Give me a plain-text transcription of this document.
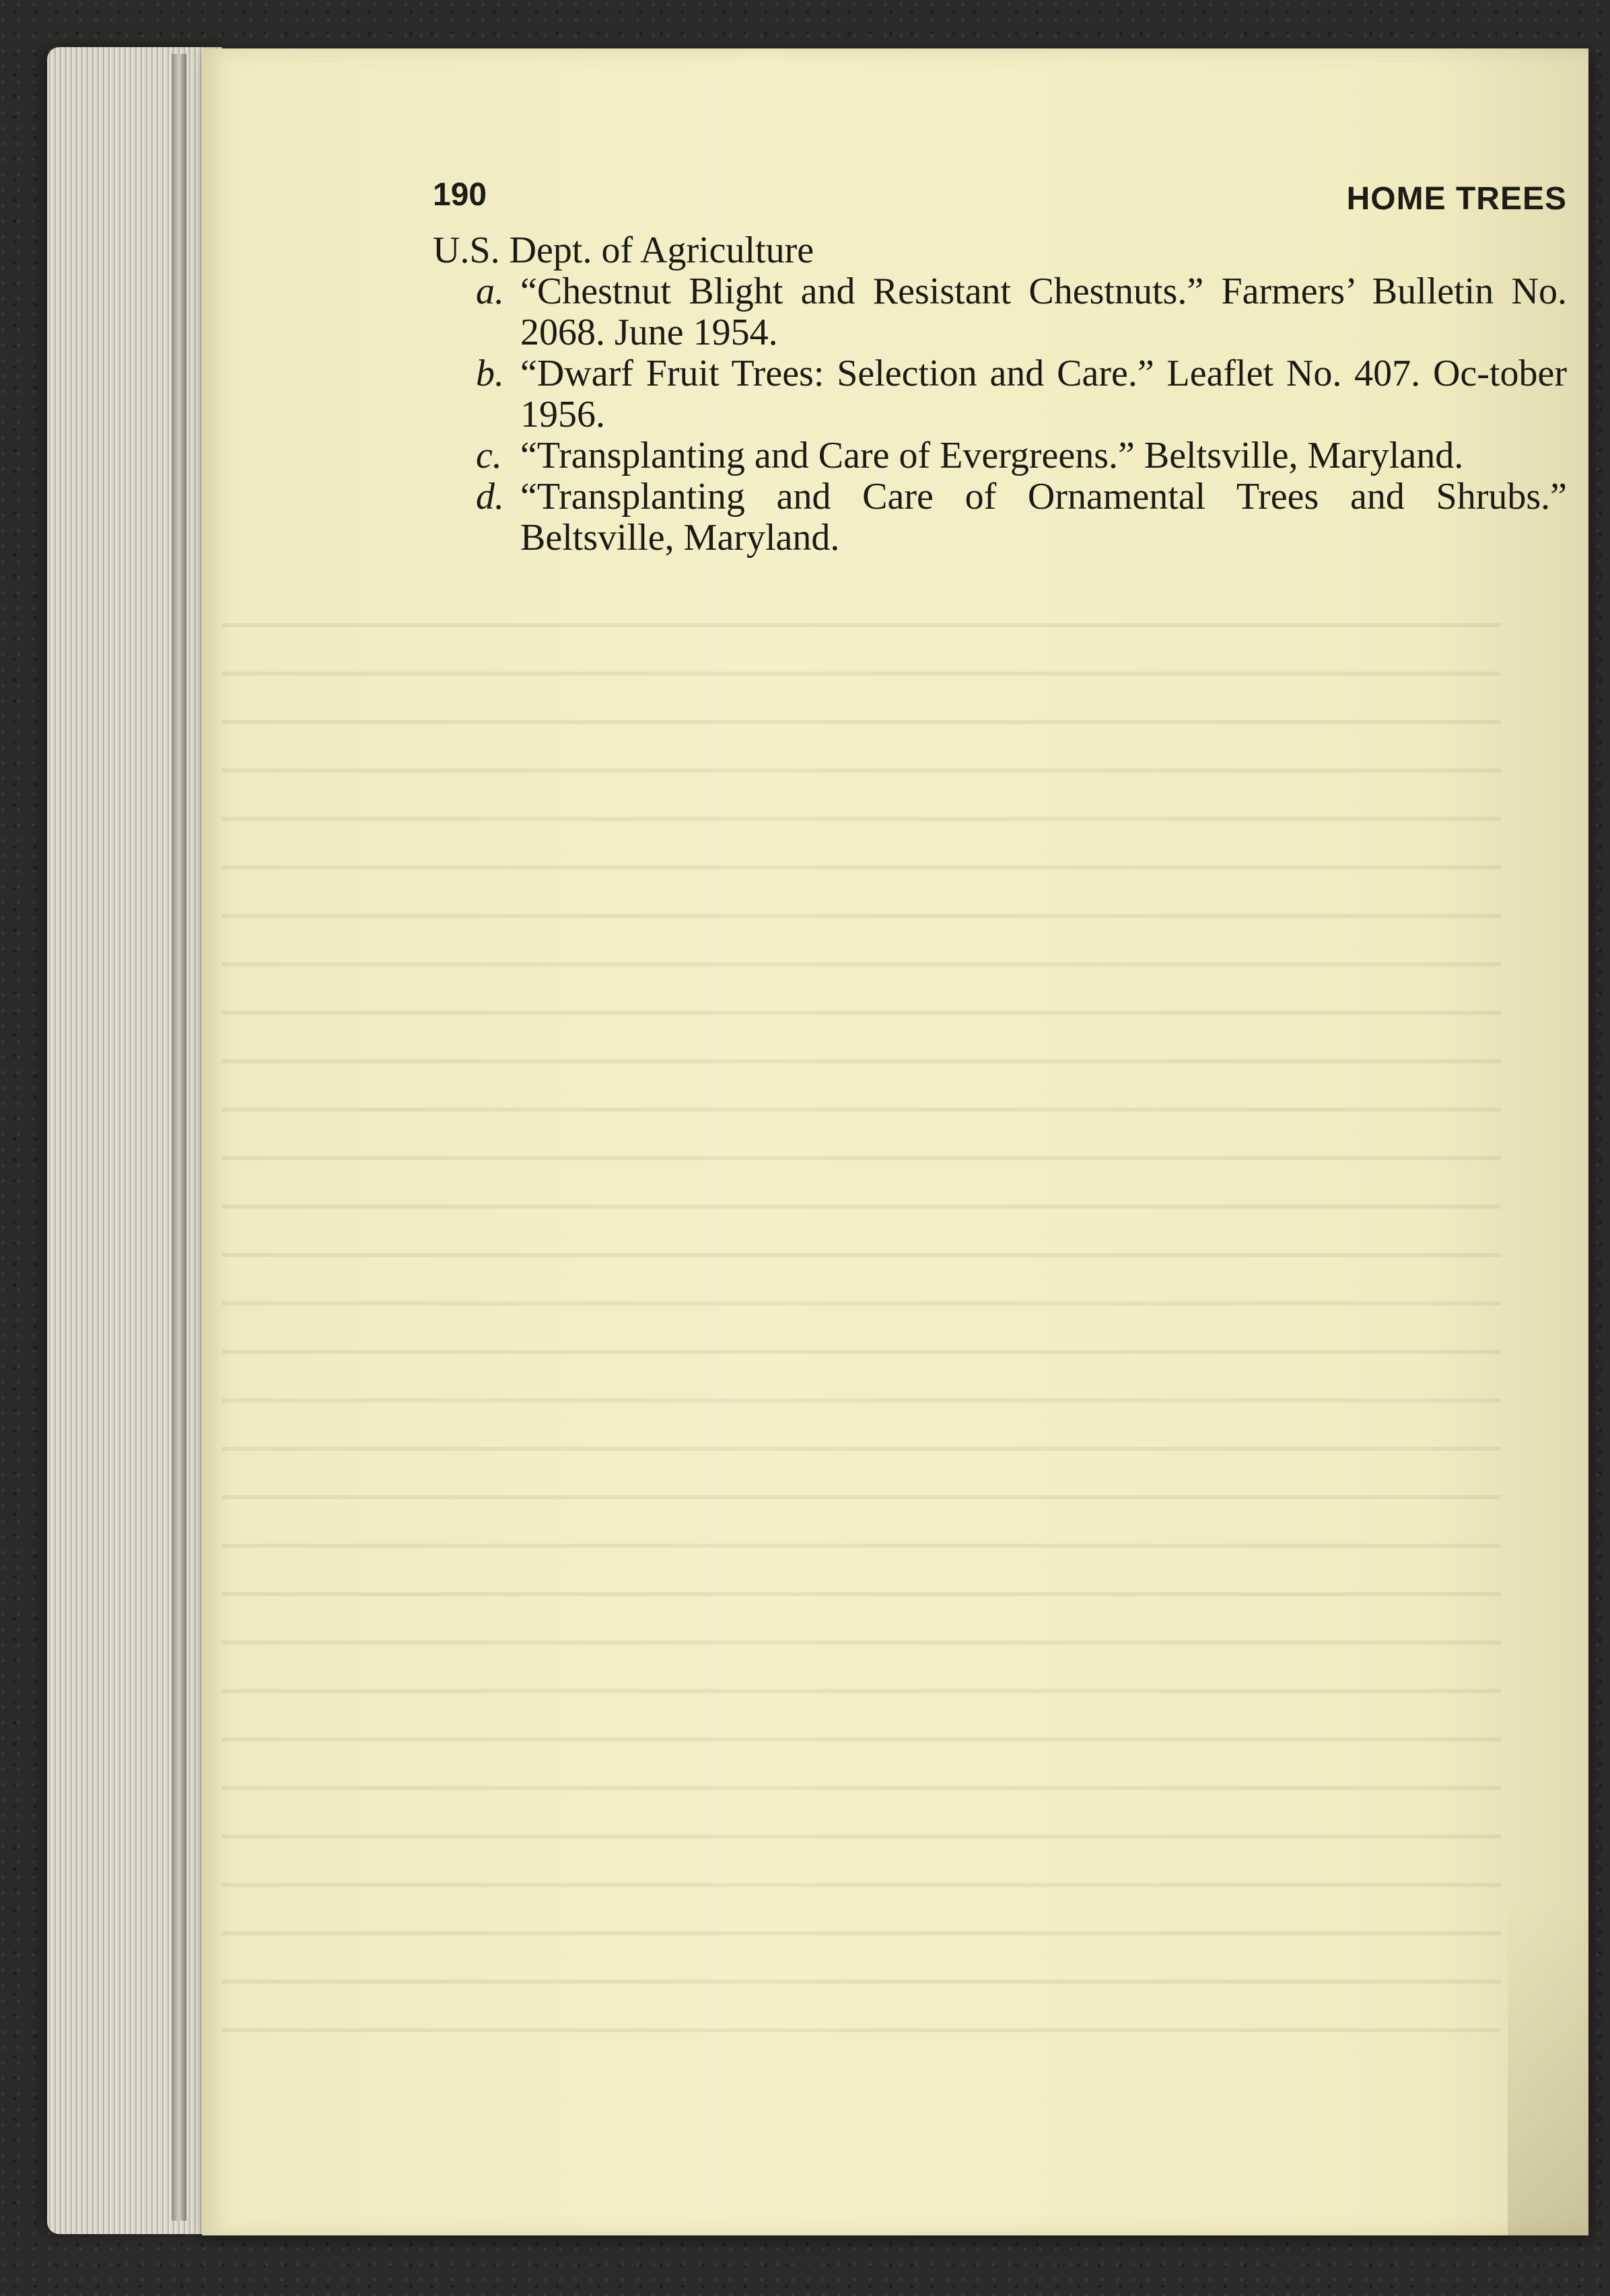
190	HOME TREES

U.S. Dept. of Agriculture

a. “Chestnut Blight and Resistant Chestnuts.” Farmers’ Bulletin No. 2068. June 1954.
b. “Dwarf Fruit Trees: Selection and Care.” Leaflet No. 407. Oc-tober 1956.
c. “Transplanting and Care of Evergreens.” Beltsville, Maryland.
d. “Transplanting and Care of Ornamental Trees and Shrubs.” Beltsville, Maryland.
